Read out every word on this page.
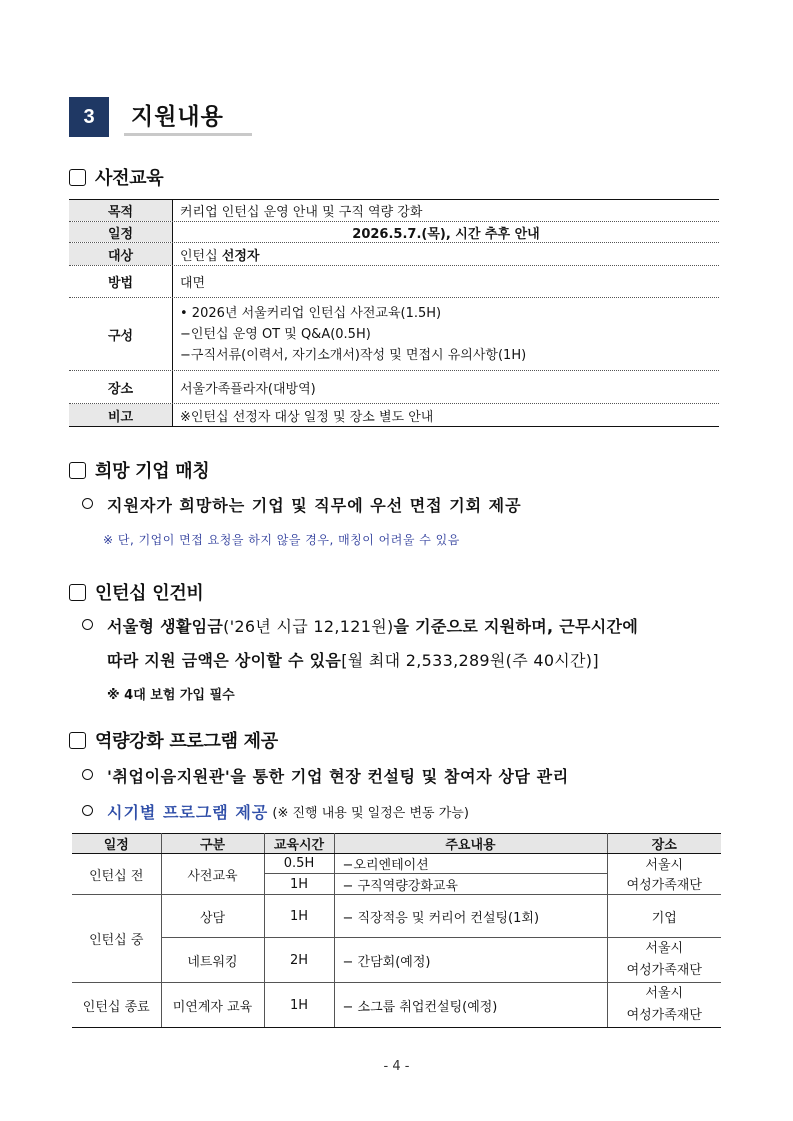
3	지원내용
사전교육
목적	커리업 인턴십 운영 안내 및 구직 역량 강화
일정	2026.5.7.(목), 시간 추후 안내
대상	인턴십 선정자
방법	대면
구성
• 2026년 서울커리업 인턴십 사전교육(1.5H)
−인턴십 운영 OT 및 Q&A(0.5H)
−구직서류(이력서, 자기소개서)작성 및 면접시 유의사항(1H)
장소	서울가족플라자(대방역)
비고	※인턴십 선정자 대상 일정 및 장소 별도 안내
희망 기업 매칭
지원자가 희망하는 기업 및 직무에 우선 면접 기회 제공
※ 단, 기업이 면접 요청을 하지 않을 경우, 매칭이 어려울 수 있음
인턴십 인건비
서울형 생활임금('26년 시급 12,121원)을 기준으로 지원하며, 근무시간에
따라 지원 금액은 상이할 수 있음[월 최대 2,533,289원(주 40시간)]
※ 4대 보험 가입 필수
역량강화 프로그램 제공
'취업이음지원관'을 통한 기업 현장 컨설팅 및 참여자 상담 관리
시기별 프로그램 제공 (※ 진행 내용 및 일정은 변동 가능)
일정	구분	교육시간	주요내용	장소
인턴십 전	사전교육	0.5H	−오리엔테이션	서울시
		1H	− 구직역량강화교육	여성가족재단
인턴십 중	상담	1H	− 직장적응 및 커리어 컨설팅(1회)	기업
	네트워킹	2H	− 간담회(예정)	서울시
여성가족재단

인턴십 종료	미연계자 교육	1H	− 소그룹 취업컨설팅(예정)	서울시
여성가족재단
- 4 -
